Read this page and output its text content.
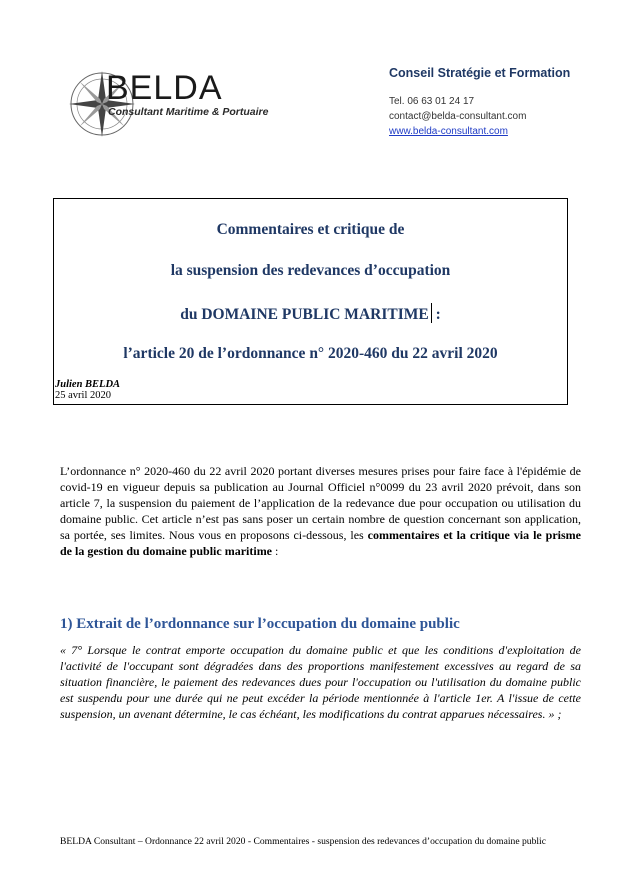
BELDA
Consultant Maritime & Portuaire
Conseil Stratégie et Formation
Tel. 06 63 01 24 17
contact@belda-consultant.com
www.belda-consultant.com
Commentaires et critique de
la suspension des redevances d’occupation
du DOMAINE PUBLIC MARITIME :
l’article 20 de l’ordonnance n° 2020-460 du 22 avril 2020
Julien BELDA
25 avril 2020
L’ordonnance n° 2020-460 du 22 avril 2020 portant diverses mesures prises pour faire face à l'épidémie de covid-19 en vigueur depuis sa publication au Journal Officiel n°0099 du 23 avril 2020 prévoit, dans son article 7, la suspension du paiement de l’application de la redevance due pour occupation ou utilisation du domaine public. Cet article n’est pas sans poser un certain nombre de question concernant son application, sa portée, ses limites. Nous vous en proposons ci-dessous, les commentaires et la critique via le prisme de la gestion du domaine public maritime :
1) Extrait de l’ordonnance sur l’occupation du domaine public
« 7° Lorsque le contrat emporte occupation du domaine public et que les conditions d'exploitation de l'activité de l'occupant sont dégradées dans des proportions manifestement excessives au regard de sa situation financière, le paiement des redevances dues pour l'occupation ou l'utilisation du domaine public est suspendu pour une durée qui ne peut excéder la période mentionnée à l'article 1er. A l'issue de cette suspension, un avenant détermine, le cas échéant, les modifications du contrat apparues nécessaires. » ;
BELDA Consultant – Ordonnance 22 avril 2020 - Commentaires - suspension des redevances d’occupation du domaine public
